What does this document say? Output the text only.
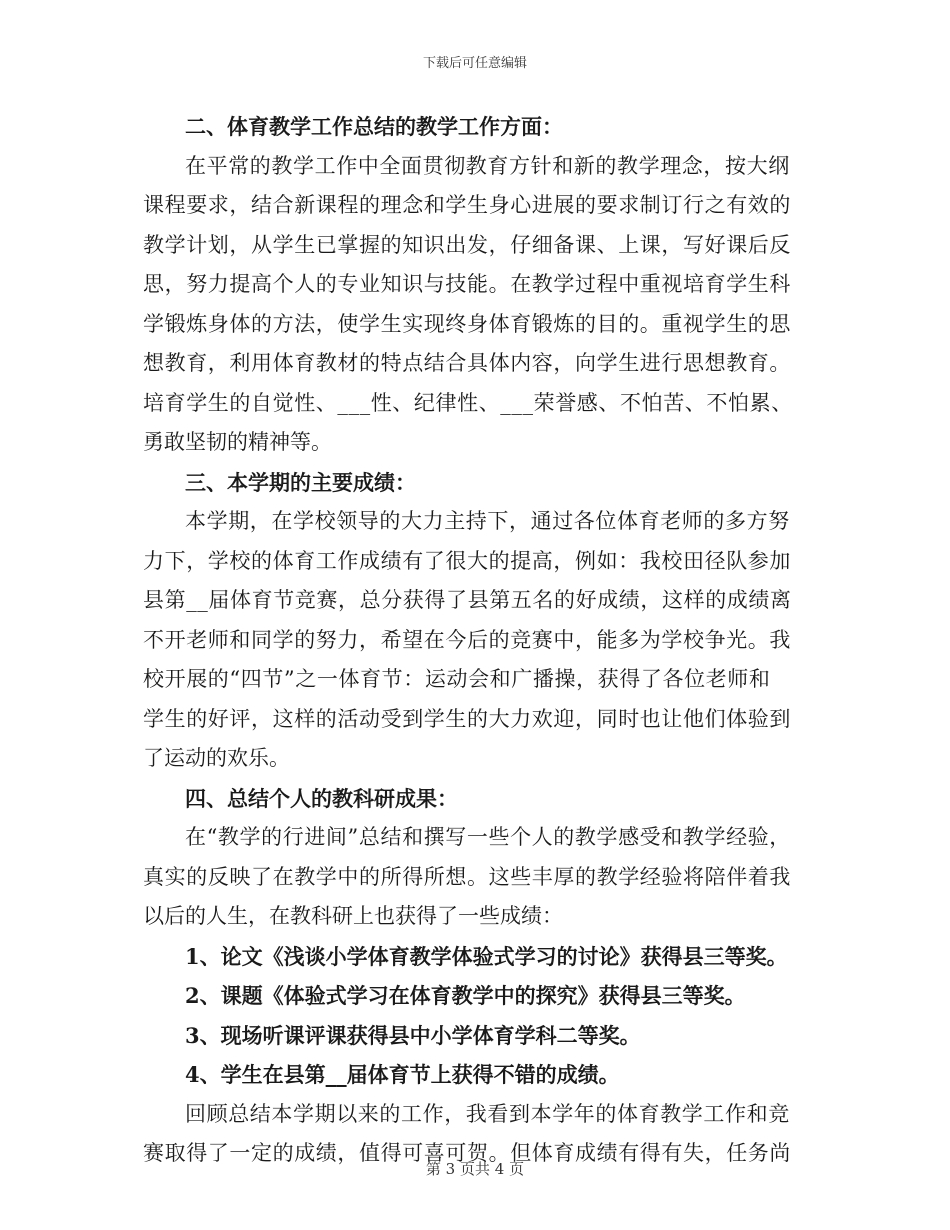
下载后可任意编辑
二、体育教学工作总结的教学工作方面：
在平常的教学工作中全面贯彻教育方针和新的教学理念，按大纲
课程要求，结合新课程的理念和学生身心进展的要求制订行之有效的
教学计划，从学生已掌握的知识出发，仔细备课、上课，写好课后反
思，努力提高个人的专业知识与技能。在教学过程中重视培育学生科
学锻炼身体的方法，使学生实现终身体育锻炼的目的。重视学生的思
想教育，利用体育教材的特点结合具体内容，向学生进行思想教育。
培育学生的自觉性、___性、纪律性、___荣誉感、不怕苦、不怕累、
勇敢坚韧的精神等。
三、本学期的主要成绩：
本学期，在学校领导的大力主持下，通过各位体育老师的多方努
力下，学校的体育工作成绩有了很大的提高，例如：我校田径队参加
县第__届体育节竞赛，总分获得了县第五名的好成绩，这样的成绩离
不开老师和同学的努力，希望在今后的竞赛中，能多为学校争光。我
校开展的“四节”之一体育节：运动会和广播操，获得了各位老师和
学生的好评，这样的活动受到学生的大力欢迎，同时也让他们体验到
了运动的欢乐。
四、总结个人的教科研成果：
在“教学的行进间”总结和撰写一些个人的教学感受和教学经验，
真实的反映了在教学中的所得所想。这些丰厚的教学经验将陪伴着我
以后的人生，在教科研上也获得了一些成绩：
1、论文《浅谈小学体育教学体验式学习的讨论》获得县三等奖。
2、课题《体验式学习在体育教学中的探究》获得县三等奖。
3、现场听课评课获得县中小学体育学科二等奖。
4、学生在县第__届体育节上获得不错的成绩。
回顾总结本学期以来的工作，我看到本学年的体育教学工作和竞
赛取得了一定的成绩，值得可喜可贺。但体育成绩有得有失，任务尚
第 3 页共 4 页
